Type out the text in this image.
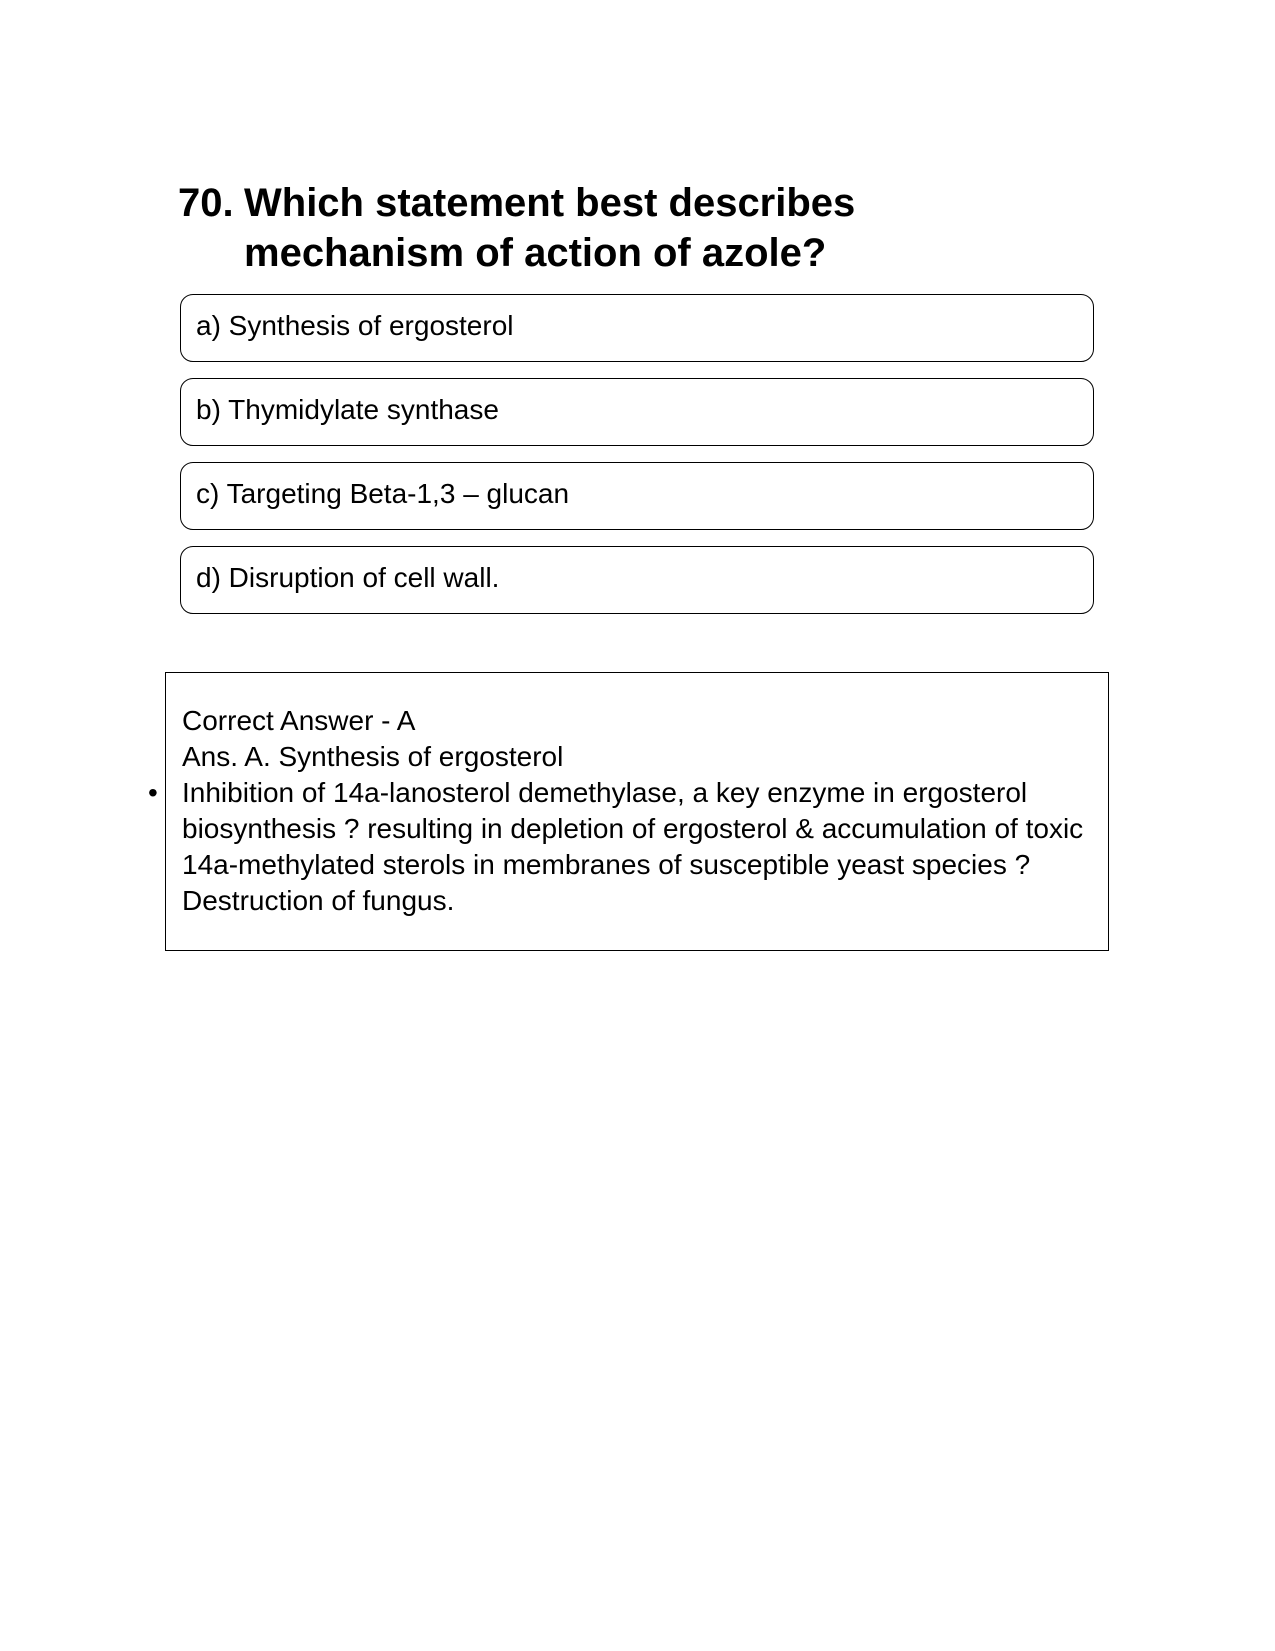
70. Which statement best describes mechanism of action of azole?
a) Synthesis of ergosterol
b) Thymidylate synthase
c) Targeting Beta-1,3 – glucan
d) Disruption of cell wall.
Correct Answer - A
Ans. A. Synthesis of ergosterol
• Inhibition of 14a-lanosterol demethylase, a key enzyme in ergosterol biosynthesis ? resulting in depletion of ergosterol & accumulation of toxic 14a-methylated sterols in membranes of susceptible yeast species ? Destruction of fungus.
